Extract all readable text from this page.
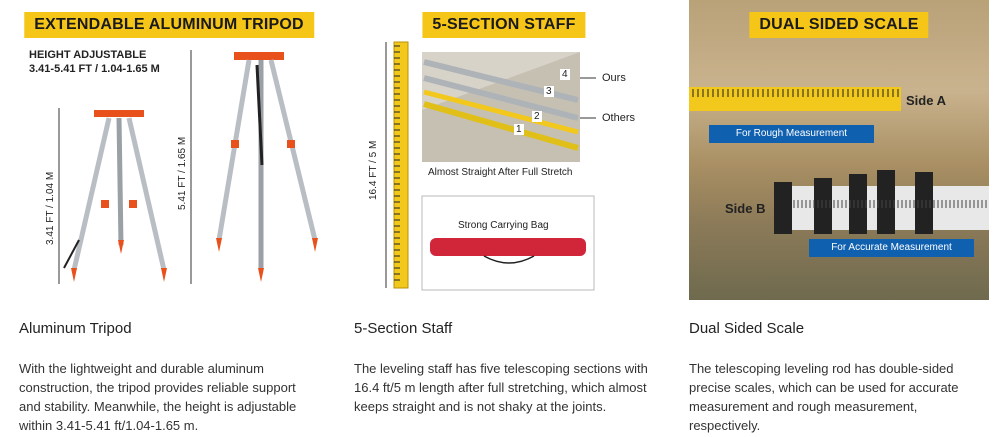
EXTENDABLE ALUMINUM TRIPOD
HEIGHT ADJUSTABLE
3.41-5.41 FT / 1.04-1.65 M
3.41 FT / 1.04 M	5.41 FT / 1.65 M
Aluminum Tripod
With the lightweight and durable aluminum construction, the tripod provides reliable support and stability. Meanwhile, the height is adjustable within 3.41-5.41 ft/1.04-1.65 m.
5-SECTION STAFF
16.4 FT / 5 M
Ours
Others
4
3
2
1
Almost Straight After Full Stretch
Strong Carrying Bag
5-Section Staff
The leveling staff has five telescoping sections with 16.4 ft/5 m length after full stretching, which almost keeps straight and is not shaky at the joints.
DUAL SIDED SCALE
Side A
For Rough Measurement
Side B
For Accurate Measurement
Dual Sided Scale
The telescoping leveling rod has double-sided precise scales, which can be used for accurate measurement and rough measurement, respectively.
